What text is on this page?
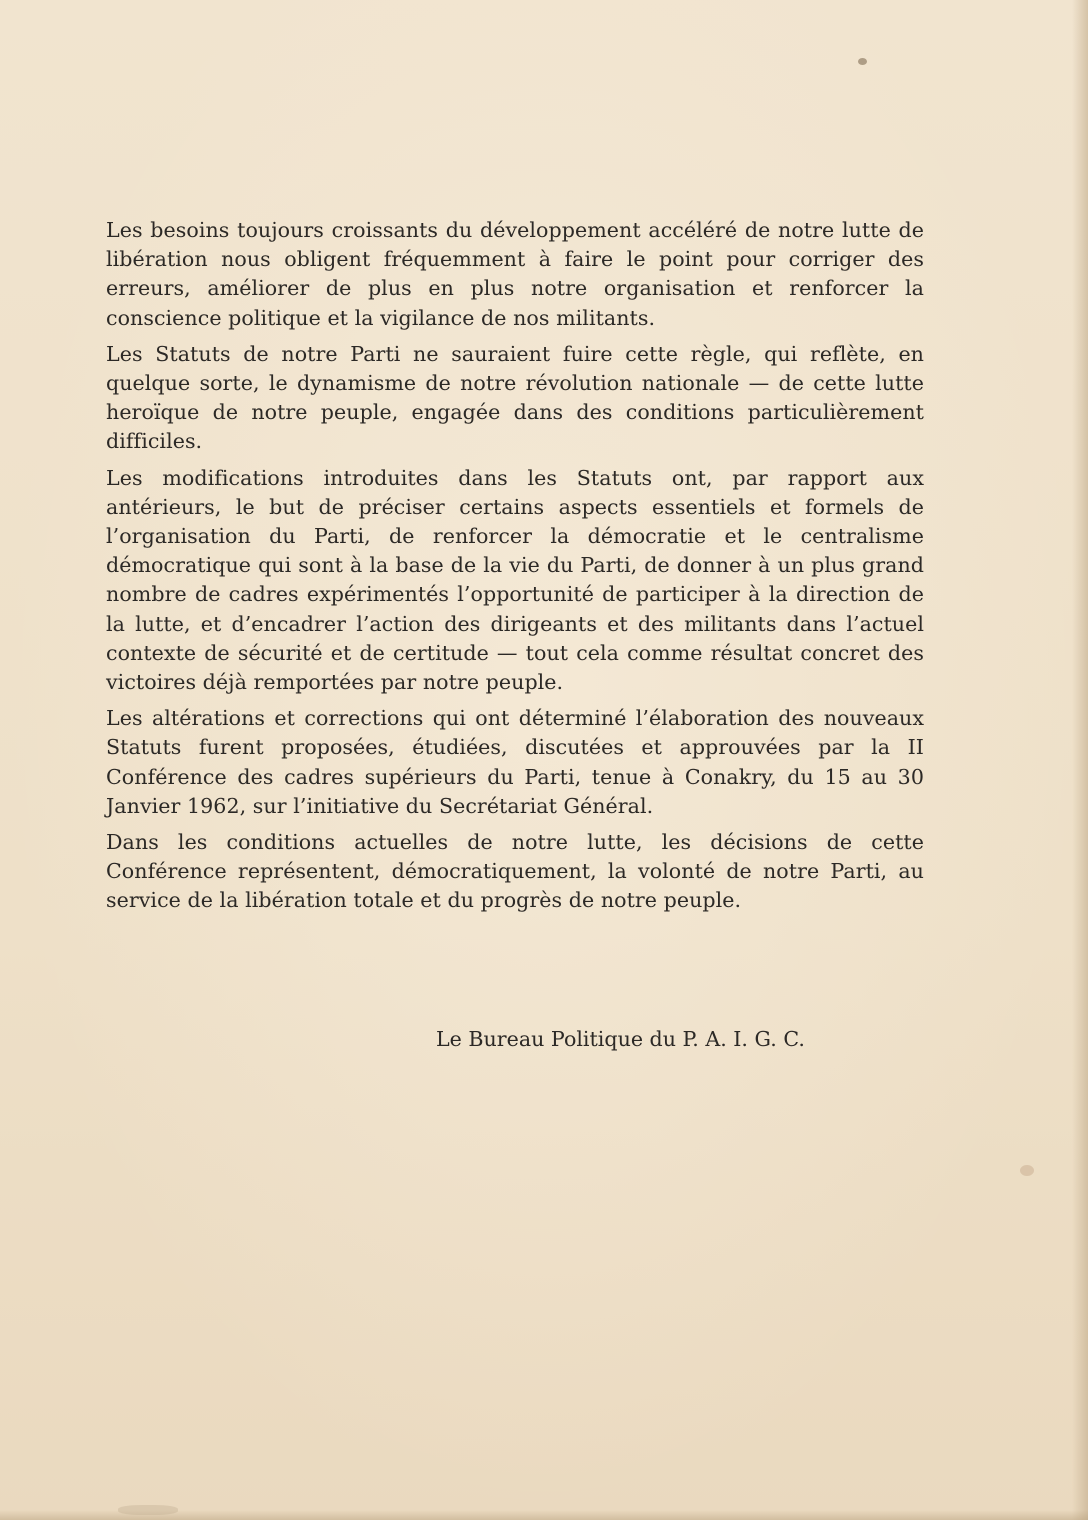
Les besoins toujours croissants du développement accéléré de notre lutte de libération nous obligent fréquemment à faire le point pour corriger des erreurs, améliorer de plus en plus notre organisation et renforcer la conscience politique et la vigilance de nos militants.

Les Statuts de notre Parti ne sauraient fuire cette règle, qui reflète, en quelque sorte, le dynamisme de notre révolution nationale — de cette lutte heroïque de notre peuple, engagée dans des conditions particulièrement difficiles.

Les modifications introduites dans les Statuts ont, par rapport aux antérieurs, le but de préciser certains aspects essentiels et formels de l’organisation du Parti, de renforcer la démocratie et le centralisme démocratique qui sont à la base de la vie du Parti, de donner à un plus grand nombre de cadres expérimentés l’opportunité de participer à la direction de la lutte, et d’encadrer l’action des dirigeants et des militants dans l’actuel contexte de sécurité et de certitude — tout cela comme résultat concret des victoires déjà remportées par notre peuple.

Les altérations et corrections qui ont déterminé l’élaboration des nouveaux Statuts furent proposées, étudiées, discutées et approuvées par la II Conférence des cadres supérieurs du Parti, tenue à Conakry, du 15 au 30 Janvier 1962, sur l’initiative du Secrétariat Général.

Dans les conditions actuelles de notre lutte, les décisions de cette Conférence représentent, démocratiquement, la volonté de notre Parti, au service de la libération totale et du progrès de notre peuple.

Le Bureau Politique du P. A. I. G. C.
